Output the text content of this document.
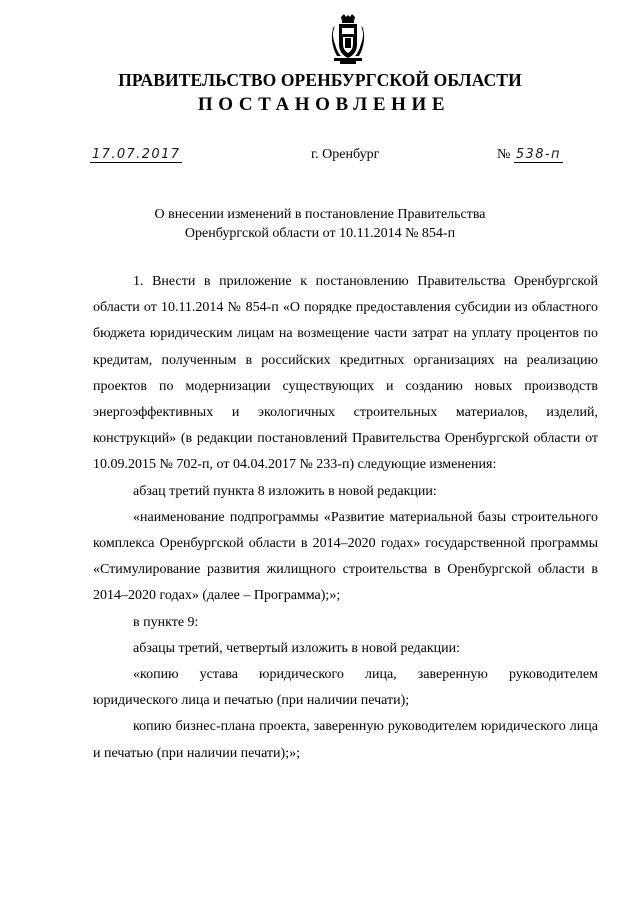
ПРАВИТЕЛЬСТВО ОРЕНБУРГСКОЙ ОБЛАСТИ
ПОСТАНОВЛЕНИЕ
17.07.2017	г. Оренбург	№ 538-п
О внесении изменений в постановление Правительства
Оренбургской области от 10.11.2014 № 854-п

1. Внести в приложение к постановлению Правительства Оренбургской области от 10.11.2014 № 854-п «О порядке предоставления субсидии из областного бюджета юридическим лицам на возмещение части затрат на уплату процентов по кредитам, полученным в российских кредитных организациях на реализацию проектов по модернизации существующих и созданию новых производств энергоэффективных и экологичных строительных материалов, изделий, конструкций» (в редакции постановлений Правительства Оренбургской области от 10.09.2015 № 702-п, от 04.04.2017 № 233-п) следующие изменения:

абзац третий пункта 8 изложить в новой редакции:

«наименование подпрограммы «Развитие материальной базы строительного комплекса Оренбургской области в 2014–2020 годах» государственной программы «Стимулирование развития жилищного строительства в Оренбургской области в 2014–2020 годах» (далее – Программа);»;

в пункте 9:

абзацы третий, четвертый изложить в новой редакции:

«копию устава юридического лица, заверенную руководителем юридического лица и печатью (при наличии печати);

копию бизнес-плана проекта, заверенную руководителем юридического лица и печатью (при наличии печати);»;
